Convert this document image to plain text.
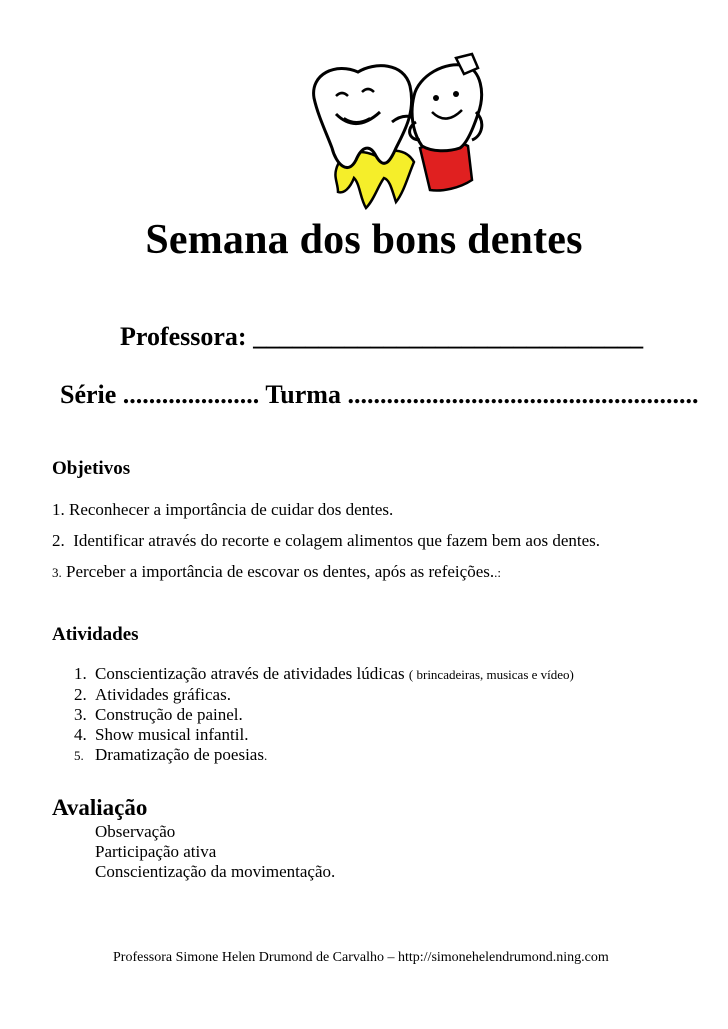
Semana dos bons dentes
Professora: ______________________________
Série ..................... Turma ......................................................
Objetivos
1. Reconhecer a importância de cuidar dos dentes.
2. Identificar através do recorte e colagem alimentos que fazem bem aos dentes.
3. Perceber a importância de escovar os dentes, após as refeições..:
Atividades
1. Conscientização através de atividades lúdicas ( brincadeiras, musicas e vídeo)
2. Atividades gráficas.
3. Construção de painel.
4. Show musical infantil.
5. Dramatização de poesias.
Avaliação
Observação
Participação ativa
Conscientização da movimentação.
Professora Simone Helen Drumond de Carvalho – http://simonehelendrumond.ning.com
